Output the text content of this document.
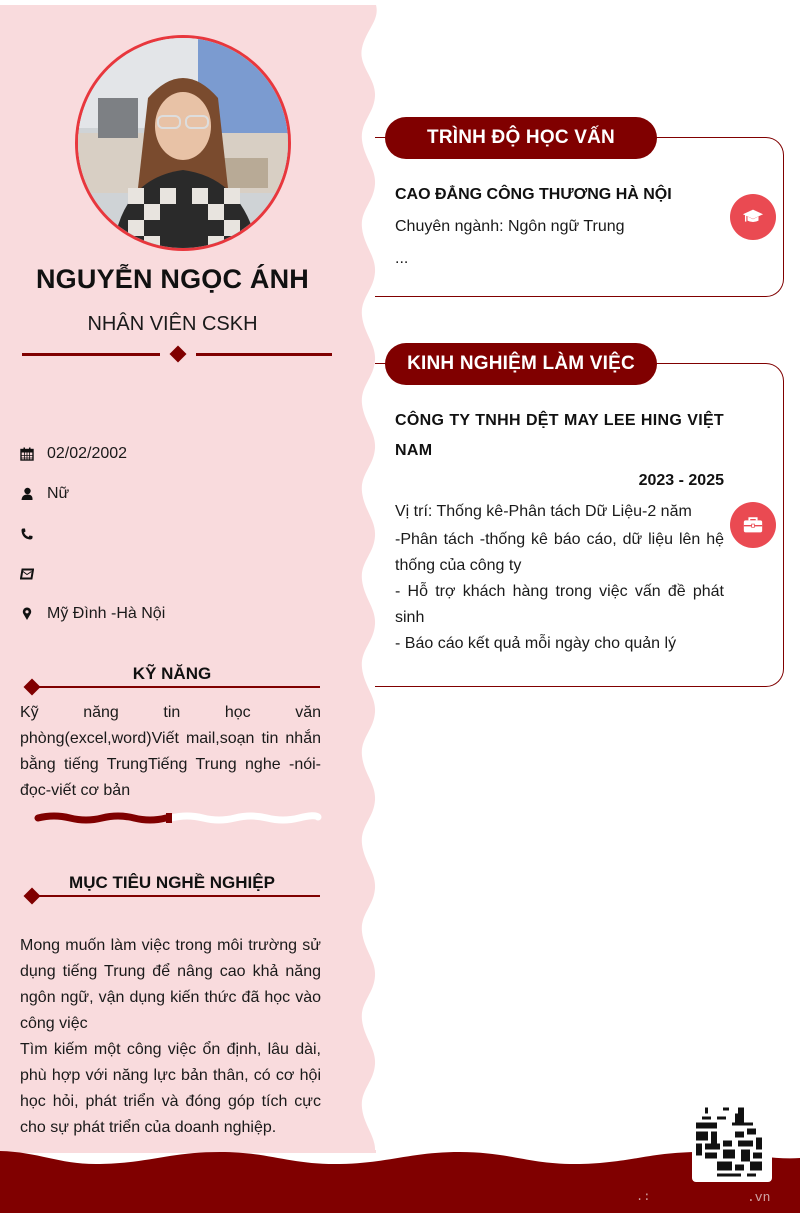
NGUYỄN NGỌC ÁNH
NHÂN VIÊN CSKH
02/02/2002
Nữ
Mỹ Đình -Hà Nội
KỸ NĂNG
Kỹ năng tin học văn phòng(excel,word)Viết mail,soạn tin nhắn bằng tiếng TrungTiếng Trung nghe -nói-đọc-viết cơ bản
MỤC TIÊU NGHỀ NGHIỆP
Mong muốn làm việc trong môi trường sử dụng tiếng Trung để nâng cao khả năng ngôn ngữ, vận dụng kiến thức đã học vào công việc
Tìm kiếm một công việc ổn định, lâu dài, phù hợp với năng lực bản thân, có cơ hội học hỏi, phát triển và đóng góp tích cực cho sự phát triển của doanh nghiệp.
TRÌNH ĐỘ HỌC VẤN
CAO ĐẲNG CÔNG THƯƠNG HÀ NỘI
Chuyên ngành: Ngôn ngữ Trung
...
KINH NGHIỆM LÀM VIỆC
CÔNG TY TNHH DỆT MAY LEE HING VIỆT NAM
2023 - 2025
Vị trí: Thống kê-Phân tách Dữ Liệu-2 năm
-Phân tách -thống kê báo cáo, dữ liệu lên hệ thống của công ty
- Hỗ trợ khách hàng trong việc vấn đề phát sinh
- Báo cáo kết quả mỗi ngày cho quản lý
.:	.vn
